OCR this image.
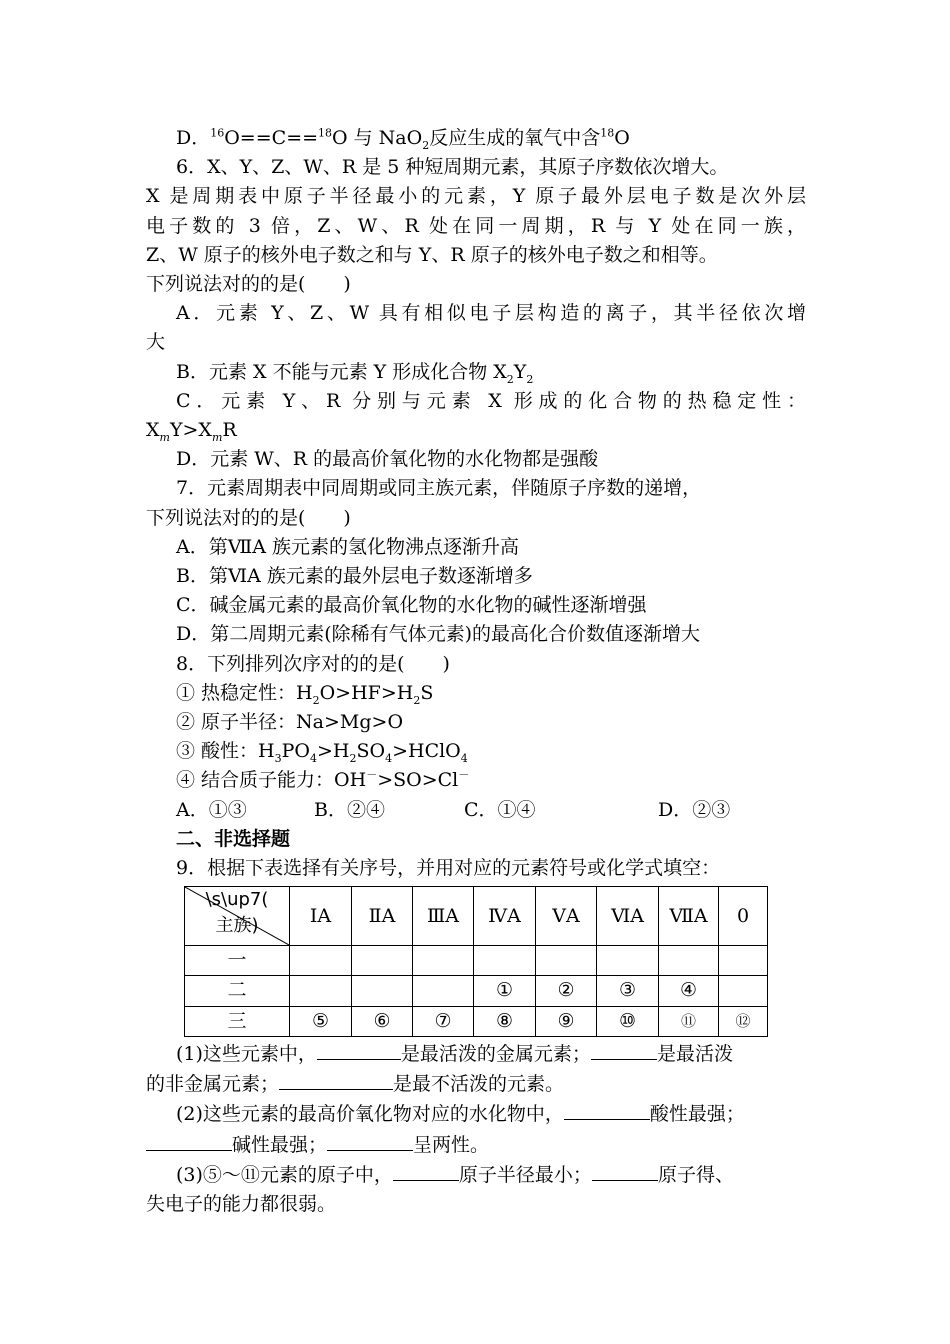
D．$^{16}$O==C==$^{18}$O 与 NaO$_2$反应生成的氧气中含$^{18}$O
6．X、Y、Z、W、R 是 5 种短周期元素，其原子序数依次增大。
X 是周期表中原子半径最小的元素，Y 原子最外层电子数是次外层
电子数的 3 倍，Z、W、R 处在同一周期，R 与 Y 处在同一族，
Z、W 原子的核外电子数之和与 Y、R 原子的核外电子数之和相等。
下列说法对的的是(　　)
A．元素 Y、Z、W 具有相似电子层构造的离子，其半径依次增
大
B．元素 X 不能与元素 Y 形成化合物 $X_2Y_2$
C．元素 Y、R 分别与元素 X 形成的化合物的热稳定性：
$X_mY>X_mR$
D．元素 W、R 的最高价氧化物的水化物都是强酸
7．元素周期表中同周期或同主族元素，伴随原子序数的递增，
下列说法对的的是(　　)
A．第ⅦA 族元素的氢化物沸点逐渐升高
B．第ⅥA 族元素的最外层电子数逐渐增多
C．碱金属元素的最高价氧化物的水化物的碱性逐渐增强
D．第二周期元素(除稀有气体元素)的最高化合价数值逐渐增大
8．下列排列次序对的的是(　　)
① 热稳定性：$H_2O>HF>H_2S$
② 原子半径：Na>Mg>O
③ 酸性：$H_3PO_4>H_2SO_4>HClO_4$
④ 结合质子能力：OH－>SO>Cl－
A．①③	B．②④	C．①④	D．②③
二、非选择题
9．根据下表选择有关序号，并用对应的元素符号或化学式填空：
\s\up7(
主族)	ⅠA	ⅡA	ⅢA	ⅣA	ⅤA	ⅥA	ⅦA	0
一								
二				①	②	③	④	
三	⑤	⑥	⑦	⑧	⑨	⑩	⑪	⑫
(1)这些元素中，	是最活泼的金属元素；	是最活泼
的非金属元素；	是最不活泼的元素。
(2)这些元素的最高价氧化物对应的水化物中，	酸性最强；
碱性最强；	呈两性。
(3)⑤～⑪元素的原子中，	原子半径最小；	原子得、
失电子的能力都很弱。
